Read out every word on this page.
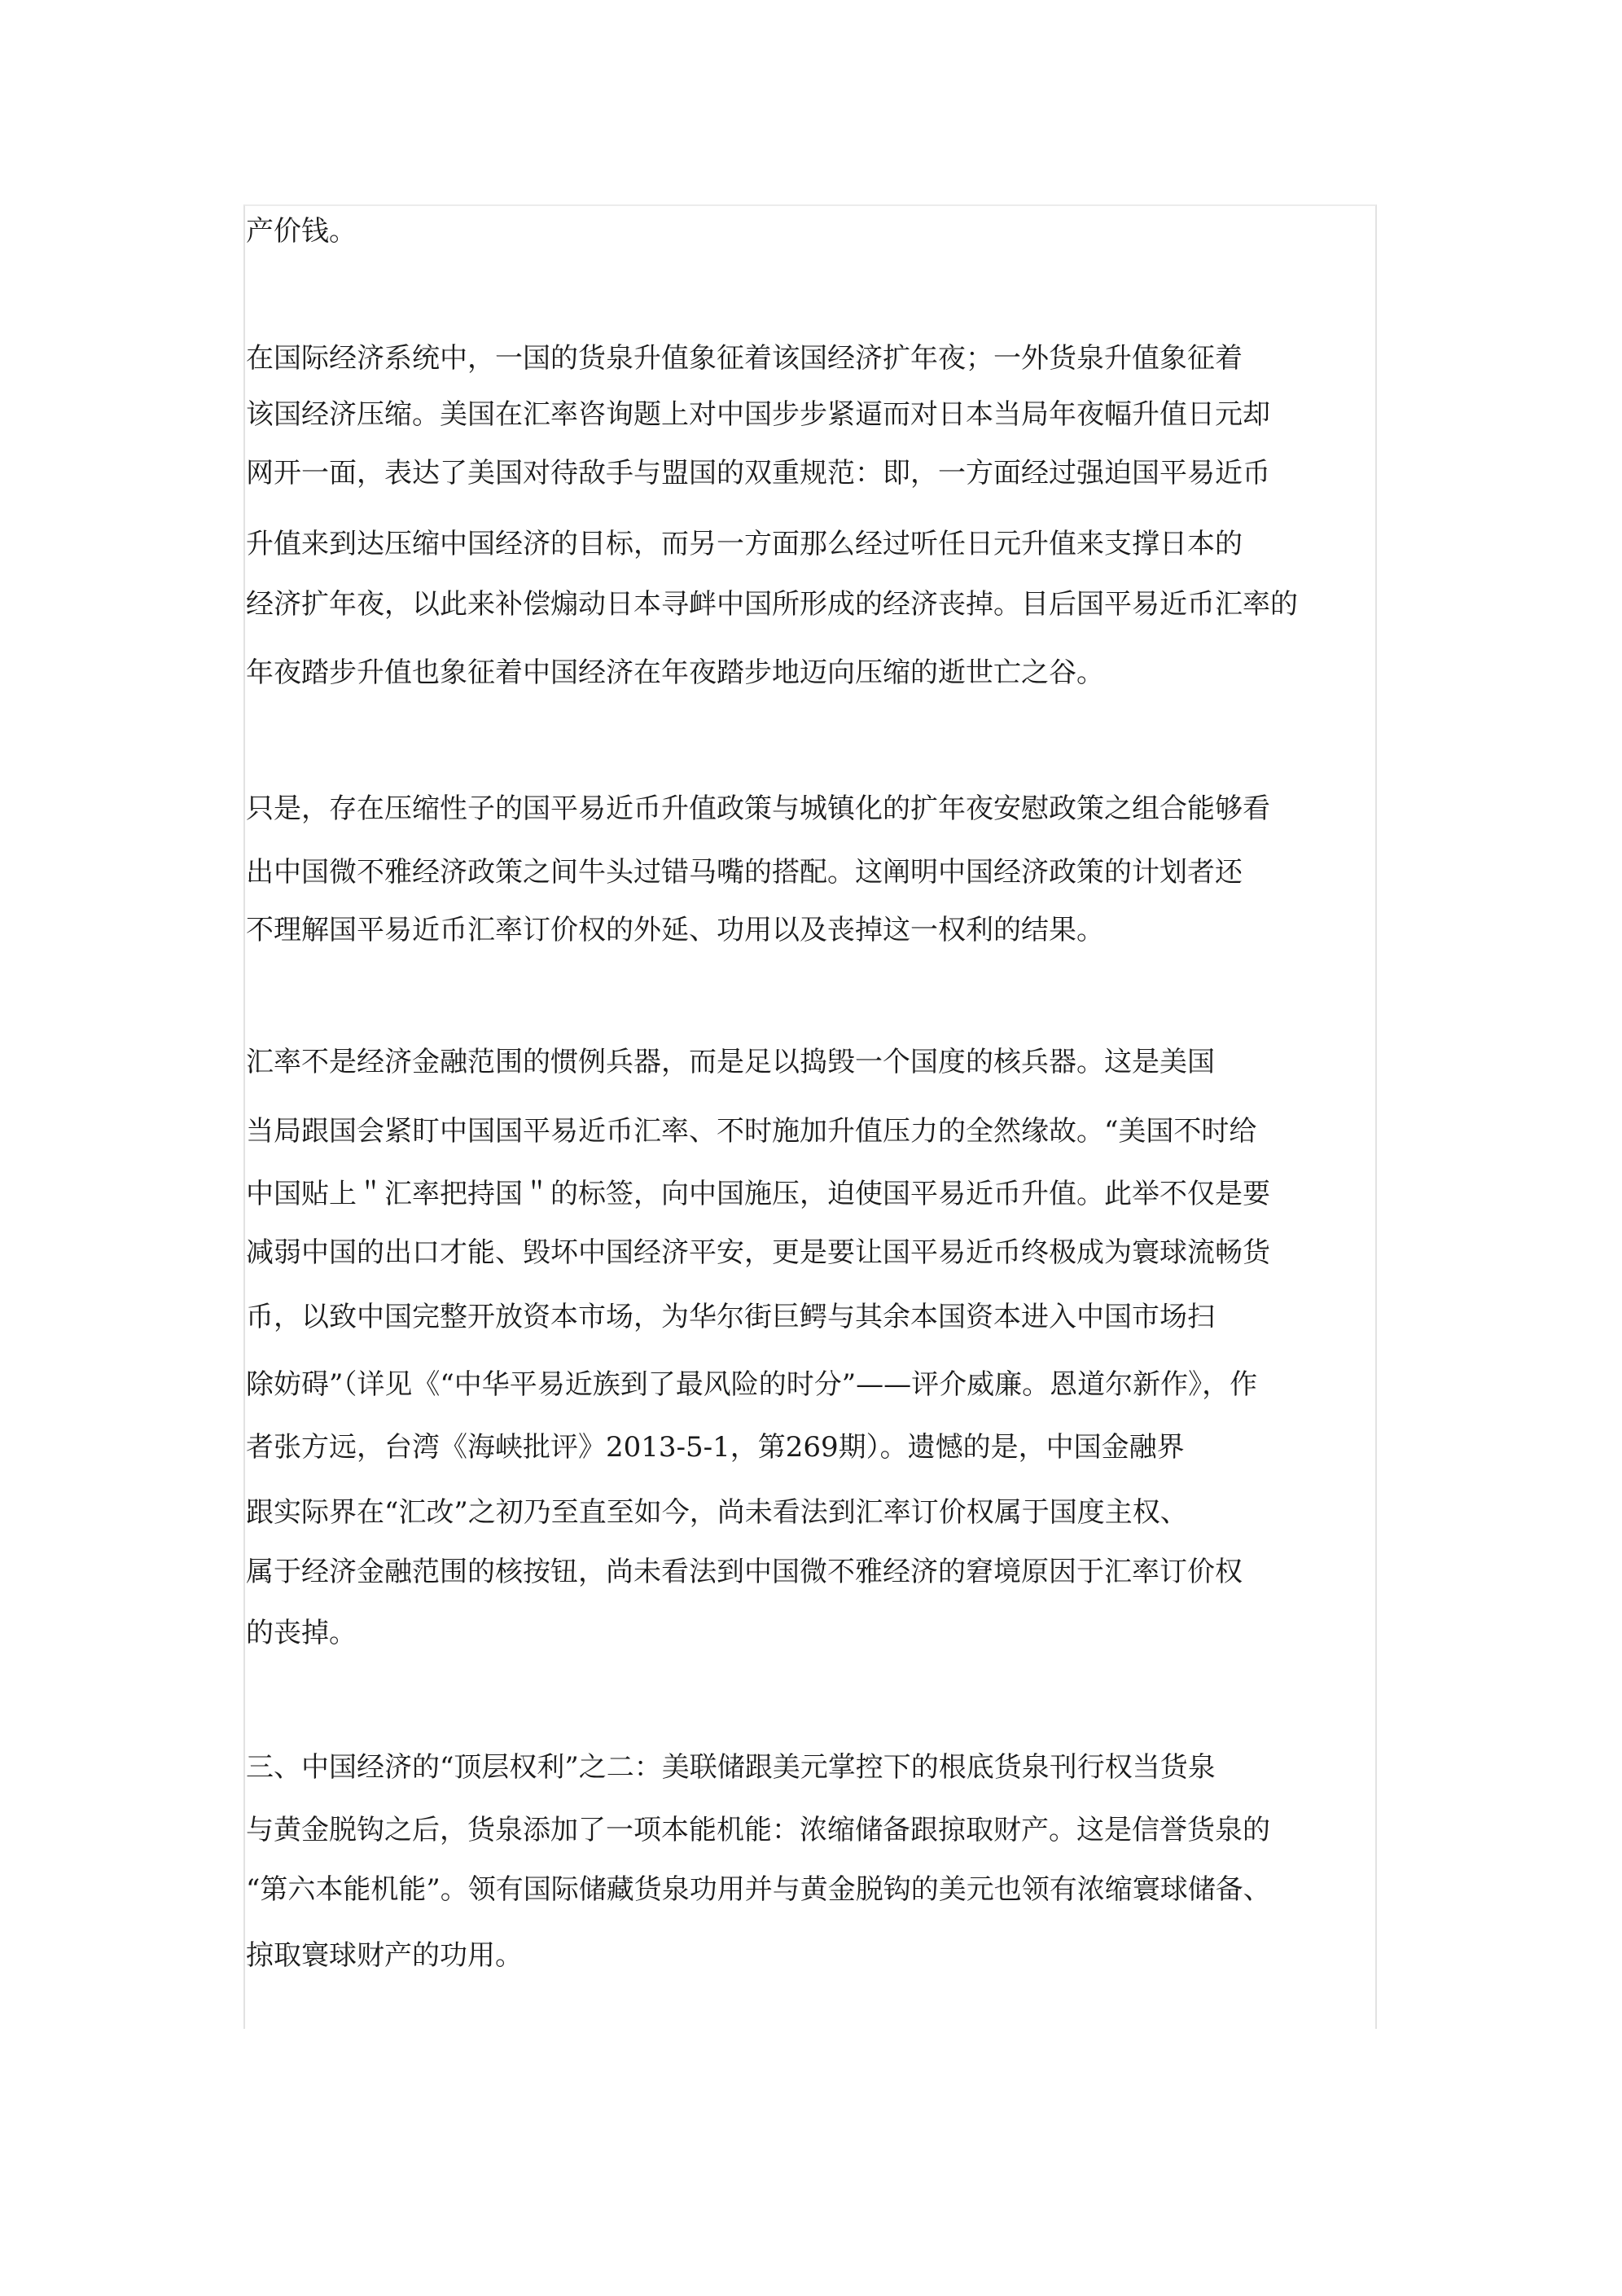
产价钱。
在国际经济系统中，一国的货泉升值象征着该国经济扩年夜；一外货泉升值象征着
该国经济压缩。美国在汇率咨询题上对中国步步紧逼而对日本当局年夜幅升值日元却
网开一面，表达了美国对待敌手与盟国的双重规范：即，一方面经过强迫国平易近币
升值来到达压缩中国经济的目标，而另一方面那么经过听任日元升值来支撑日本的
经济扩年夜，以此来补偿煽动日本寻衅中国所形成的经济丧掉。目后国平易近币汇率的
年夜踏步升值也象征着中国经济在年夜踏步地迈向压缩的逝世亡之谷。
只是，存在压缩性子的国平易近币升值政策与城镇化的扩年夜安慰政策之组合能够看
出中国微不雅经济政策之间牛头过错马嘴的搭配。这阐明中国经济政策的计划者还
不理解国平易近币汇率订价权的外延、功用以及丧掉这一权利的结果。
汇率不是经济金融范围的惯例兵器，而是足以捣毁一个国度的核兵器。这是美国
当局跟国会紧盯中国国平易近币汇率、不时施加升值压力的全然缘故。“美国不时给
中国贴上＂汇率把持国＂的标签，向中国施压，迫使国平易近币升值。此举不仅是要
减弱中国的出口才能、毁坏中国经济平安，更是要让国平易近币终极成为寰球流畅货
币，以致中国完整开放资本市场，为华尔街巨鳄与其余本国资本进入中国市场扫
除妨碍”（详见《“中华平易近族到了最风险的时分”——评介威廉。恩道尔新作》，作
者张方远，台湾《海峡批评》2013-5-1，第269期）。遗憾的是，中国金融界
跟实际界在“汇改”之初乃至直至如今，尚未看法到汇率订价权属于国度主权、
属于经济金融范围的核按钮，尚未看法到中国微不雅经济的窘境原因于汇率订价权
的丧掉。
三、中国经济的“顶层权利”之二：美联储跟美元掌控下的根底货泉刊行权当货泉
与黄金脱钩之后，货泉添加了一项本能机能：浓缩储备跟掠取财产。这是信誉货泉的
“第六本能机能”。领有国际储藏货泉功用并与黄金脱钩的美元也领有浓缩寰球储备、
掠取寰球财产的功用。
